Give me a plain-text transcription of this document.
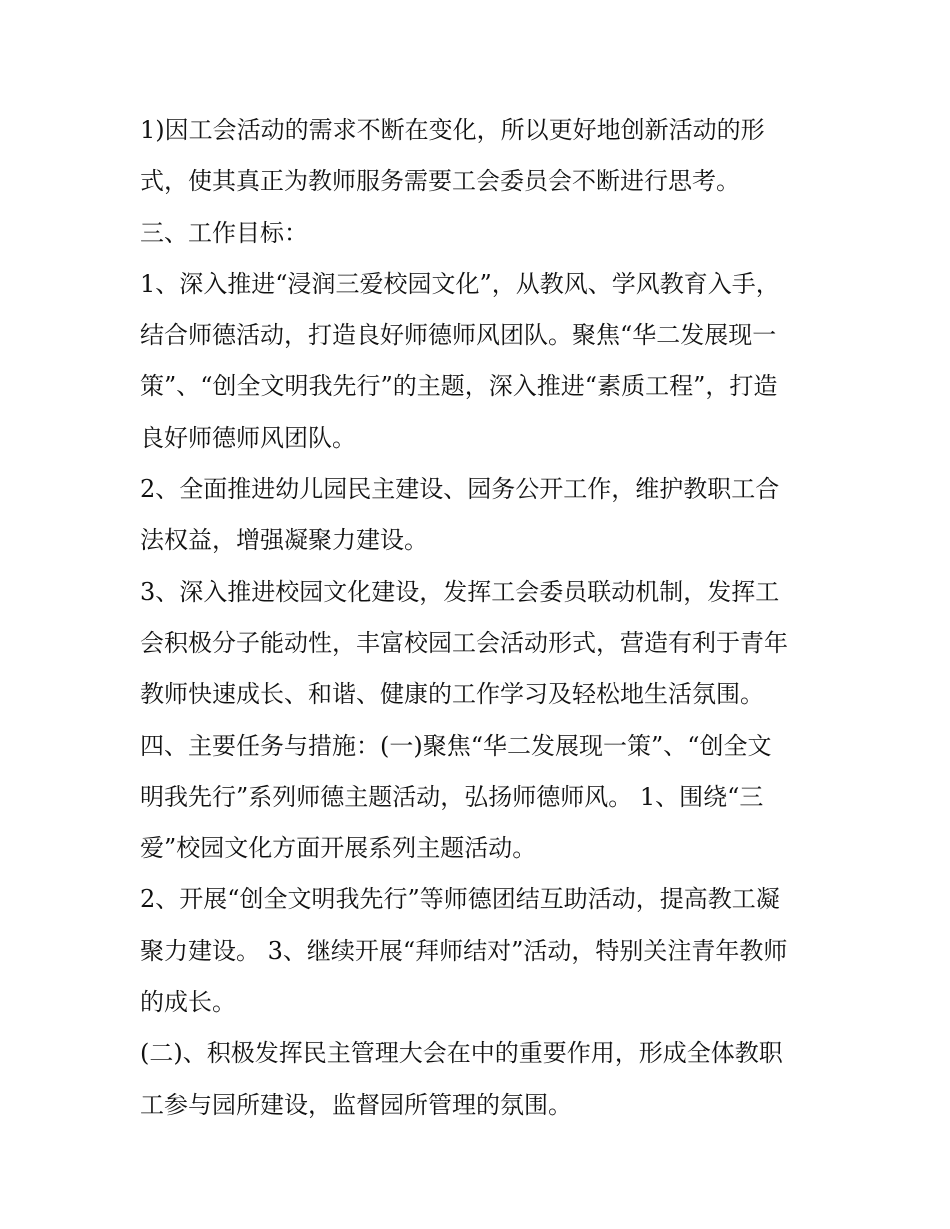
1)因工会活动的需求不断在变化，所以更好地创新活动的形
式，使其真正为教师服务需要工会委员会不断进行思考。
三、工作目标：
1、深入推进“浸润三爱校园文化”，从教风、学风教育入手，
结合师德活动，打造良好师德师风团队。聚焦“华二发展现一
策”、“创全文明我先行”的主题，深入推进“素质工程”，打造
良好师德师风团队。
2、全面推进幼儿园民主建设、园务公开工作，维护教职工合
法权益，增强凝聚力建设。
3、深入推进校园文化建设，发挥工会委员联动机制，发挥工
会积极分子能动性，丰富校园工会活动形式，营造有利于青年
教师快速成长、和谐、健康的工作学习及轻松地生活氛围。
四、主要任务与措施：(一)聚焦“华二发展现一策”、“创全文
明我先行”系列师德主题活动，弘扬师德师风。 1、围绕“三
爱”校园文化方面开展系列主题活动。
2、开展“创全文明我先行”等师德团结互助活动，提高教工凝
聚力建设。 3、继续开展“拜师结对”活动，特别关注青年教师
的成长。
(二)、积极发挥民主管理大会在中的重要作用，形成全体教职
工参与园所建设，监督园所管理的氛围。
